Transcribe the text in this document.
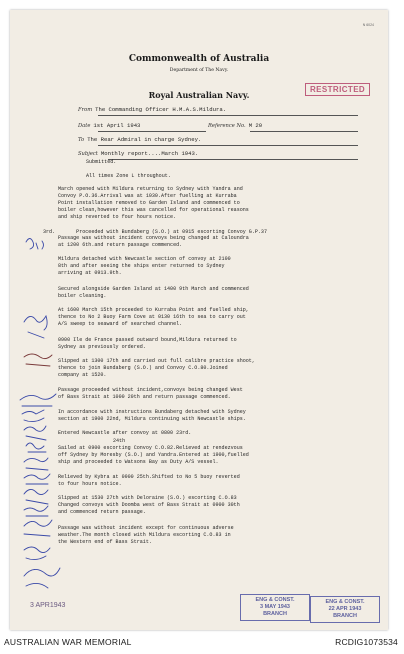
N 6024
Commonwealth of Australia
Department of The Navy.
Royal Australian Navy.
RESTRICTED
From The Commanding Officer H.M.A.S.Mildura.
Date 1st April 1943	Reference No. M 20
To The Rear Admiral in charge Sydney.
Subject Monthly report....March 1943.

Submitted.

All times Zone L throughout.

March opened with Mildura returning to Sydney with Yandra and
Convoy P.O.36.Arrival was at 1030.After fuelling at Kurraba
Point installation removed to Garden Island and commenced to
boiler clean,however this was cancelled for operational reasons
and ship reverted to four hours notice.

3rd.	Proceeded with Bundaberg (S.O.) at 0915 escorting Convoy G.P.37

Passage was without incident convoys being changed at Caloundra
at 1200 6th.and return passage commenced.

Mildura detached with Newcastle section of convoy at 2100
8th and after seeing the ships enter returned to Sydney
arriving at 0913.9th.

Secured alongside Garden Island at 1400 9th March and commenced
boiler cleaning.

At 1600 March 15th proceeded to Kurraba Point and fuelled ship,
thence to No 2 Buoy Farm Cove at 0130 16th to sea to carry out
A/S sweep to seaward of searched channel.

0900 Ile de France passed outward bound,Mildura returned to
Sydney as previously ordered.

Slipped at 1300 17th and carried out full calibre practice shoot,
thence to join Bundaberg (S.O.) and Convoy C.O.80.Joined
company at 1520.

Passage proceeded without incident,convoys being changed West
of Bass Strait at 1000 20th and return passage commenced.

In accordance with instructions Bundaberg detached with Sydney
section at 1900 22nd, Mildura continuing with Newcastle ships.

Entered Newcastle after convoy at 0800 23rd.

24th

Sailed at 0900 escorting Convoy C.O.82.Relieved at rendezvous
off Sydney by Moresby (S.O.) and Yandra.Entered at 1900,fuelled
ship and proceeded to Watsons Bay as Duty A/S vessel.

Relieved by Kybra at 0900 25th.Shifted to No 5 buoy reverted
to four hours notice.

Slipped at 1530 27th with Deloraine (S.O.) escorting C.O.83
Changed convoys with Doomba west of Bass Strait at 0900 30th
and commenced return passage.

Passage was without incident except for continuous adverse
weather.The month closed with Mildura escorting C.O.83 in
the Western end of Bass Strait.

3 APR1943
ENG & CONST.
3 MAY 1943
BRANCH
ENG & CONST.
22 APR 1943
BRANCH
AUSTRALIAN WAR MEMORIAL	RCDIG1073534
